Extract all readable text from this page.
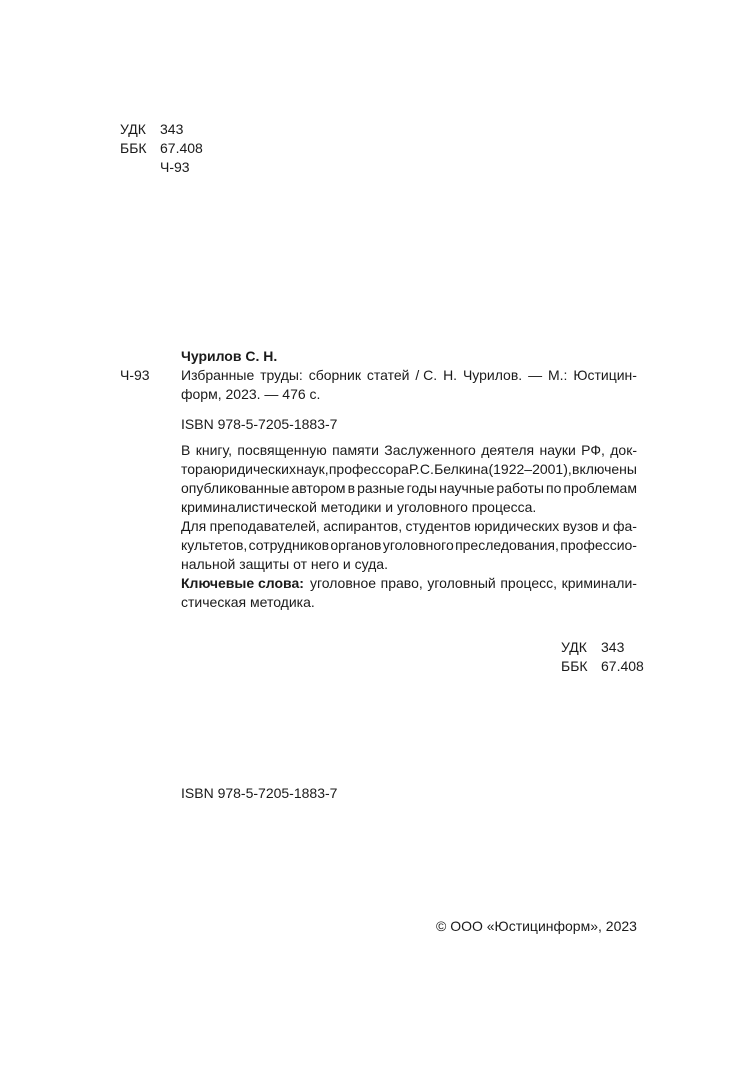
УДК 343
ББК 67.408
Ч-93
Чурилов С. Н.
Ч-93 Избранные труды: сборник статей / С. Н. Чурилов. — М.: Юстицин-
форм, 2023. — 476 с.
ISBN 978-5-7205-1883-7
В книгу, посвященную памяти Заслуженного деятеля науки РФ, док-
тора юридических наук, профессора Р. С. Белкина (1922–2001), включены
опубликованные автором в разные годы научные работы по проблемам
криминалистической методики и уголовного процесса.
Для преподавателей, аспирантов, студентов юридических вузов и фа-
культетов, сотрудников органов уголовного преследования, профессио-
нальной защиты от него и суда.
Ключевые слова: уголовное право, уголовный процесс, криминали-
стическая методика.
УДК 343
ББК 67.408
ISBN 978-5-7205-1883-7
© ООО «Юстицинформ», 2023
